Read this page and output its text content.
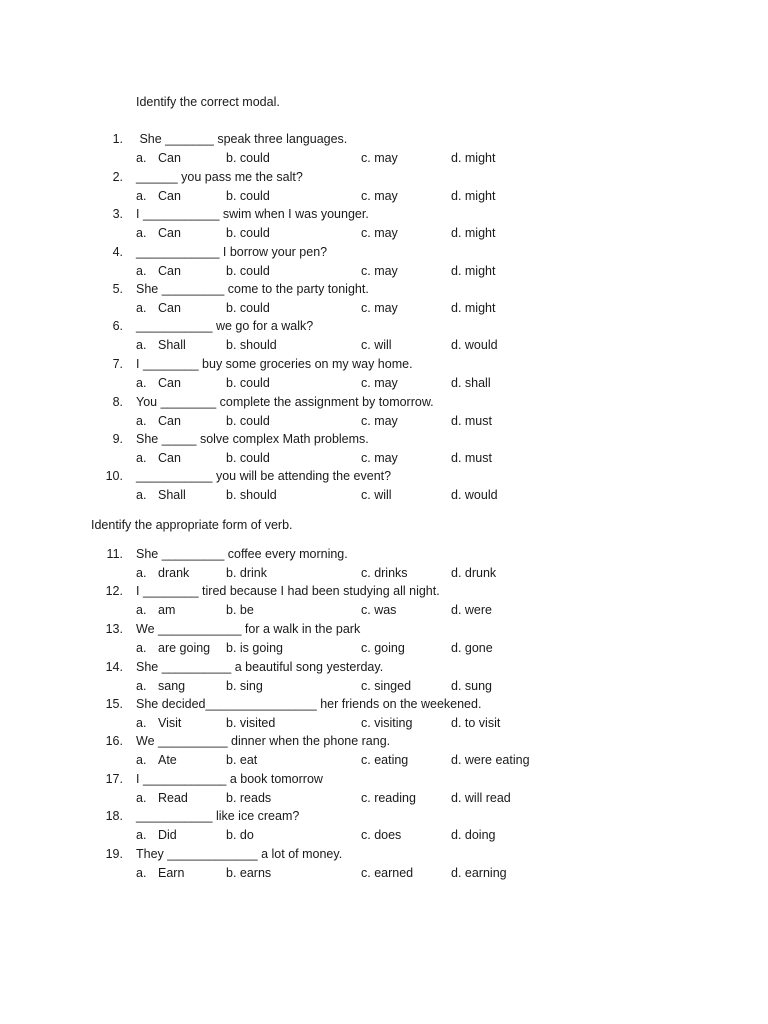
Identify the correct modal.
1. She _______ speak three languages.
a. Can	b. could	c. may	d. might
2. ______ you pass me the salt?
a. Can	b. could	c. may	d. might
3. I ___________ swim when I was younger.
a. Can	b. could	c. may	d. might
4. ____________ I borrow your pen?
a. Can	b. could	c. may	d. might
5. She _________ come to the party tonight.
a. Can	b. could	c. may	d. might
6. ___________ we go for a walk?
a. Shall	b. should	c. will	d. would
7. I ________ buy some groceries on my way home.
a. Can	b. could	c. may	d. shall
8. You ________ complete the assignment by tomorrow.
a. Can	b. could	c. may	d. must
9. She _____ solve complex Math problems.
a. Can	b. could	c. may	d. must
10. ___________ you will be attending the event?
a. Shall	b. should	c. will	d. would
Identify the appropriate form of verb.
11. She _________ coffee every morning.
a. drank	b. drink	c. drinks	d. drunk
12. I ________ tired because I had been studying all night.
a. am	b. be	c. was	d. were
13. We ____________ for a walk in the park
a. are going b. is going	c. going	d. gone
14. She __________ a beautiful song yesterday.
a. sang	b. sing	c. singed	d. sung
15. She decided________________ her friends on the weekened.
a. Visit	b. visited	c. visiting	d. to visit
16. We __________ dinner when the phone rang.
a. Ate	b. eat	c. eating	d. were eating
17. I ____________ a book tomorrow
a. Read	b. reads	c. reading	d. will read
18. ___________ like ice cream?
a. Did	b. do	c. does	d. doing
19. They _____________ a lot of money.
a. Earn	b. earns	c. earned	d. earning
